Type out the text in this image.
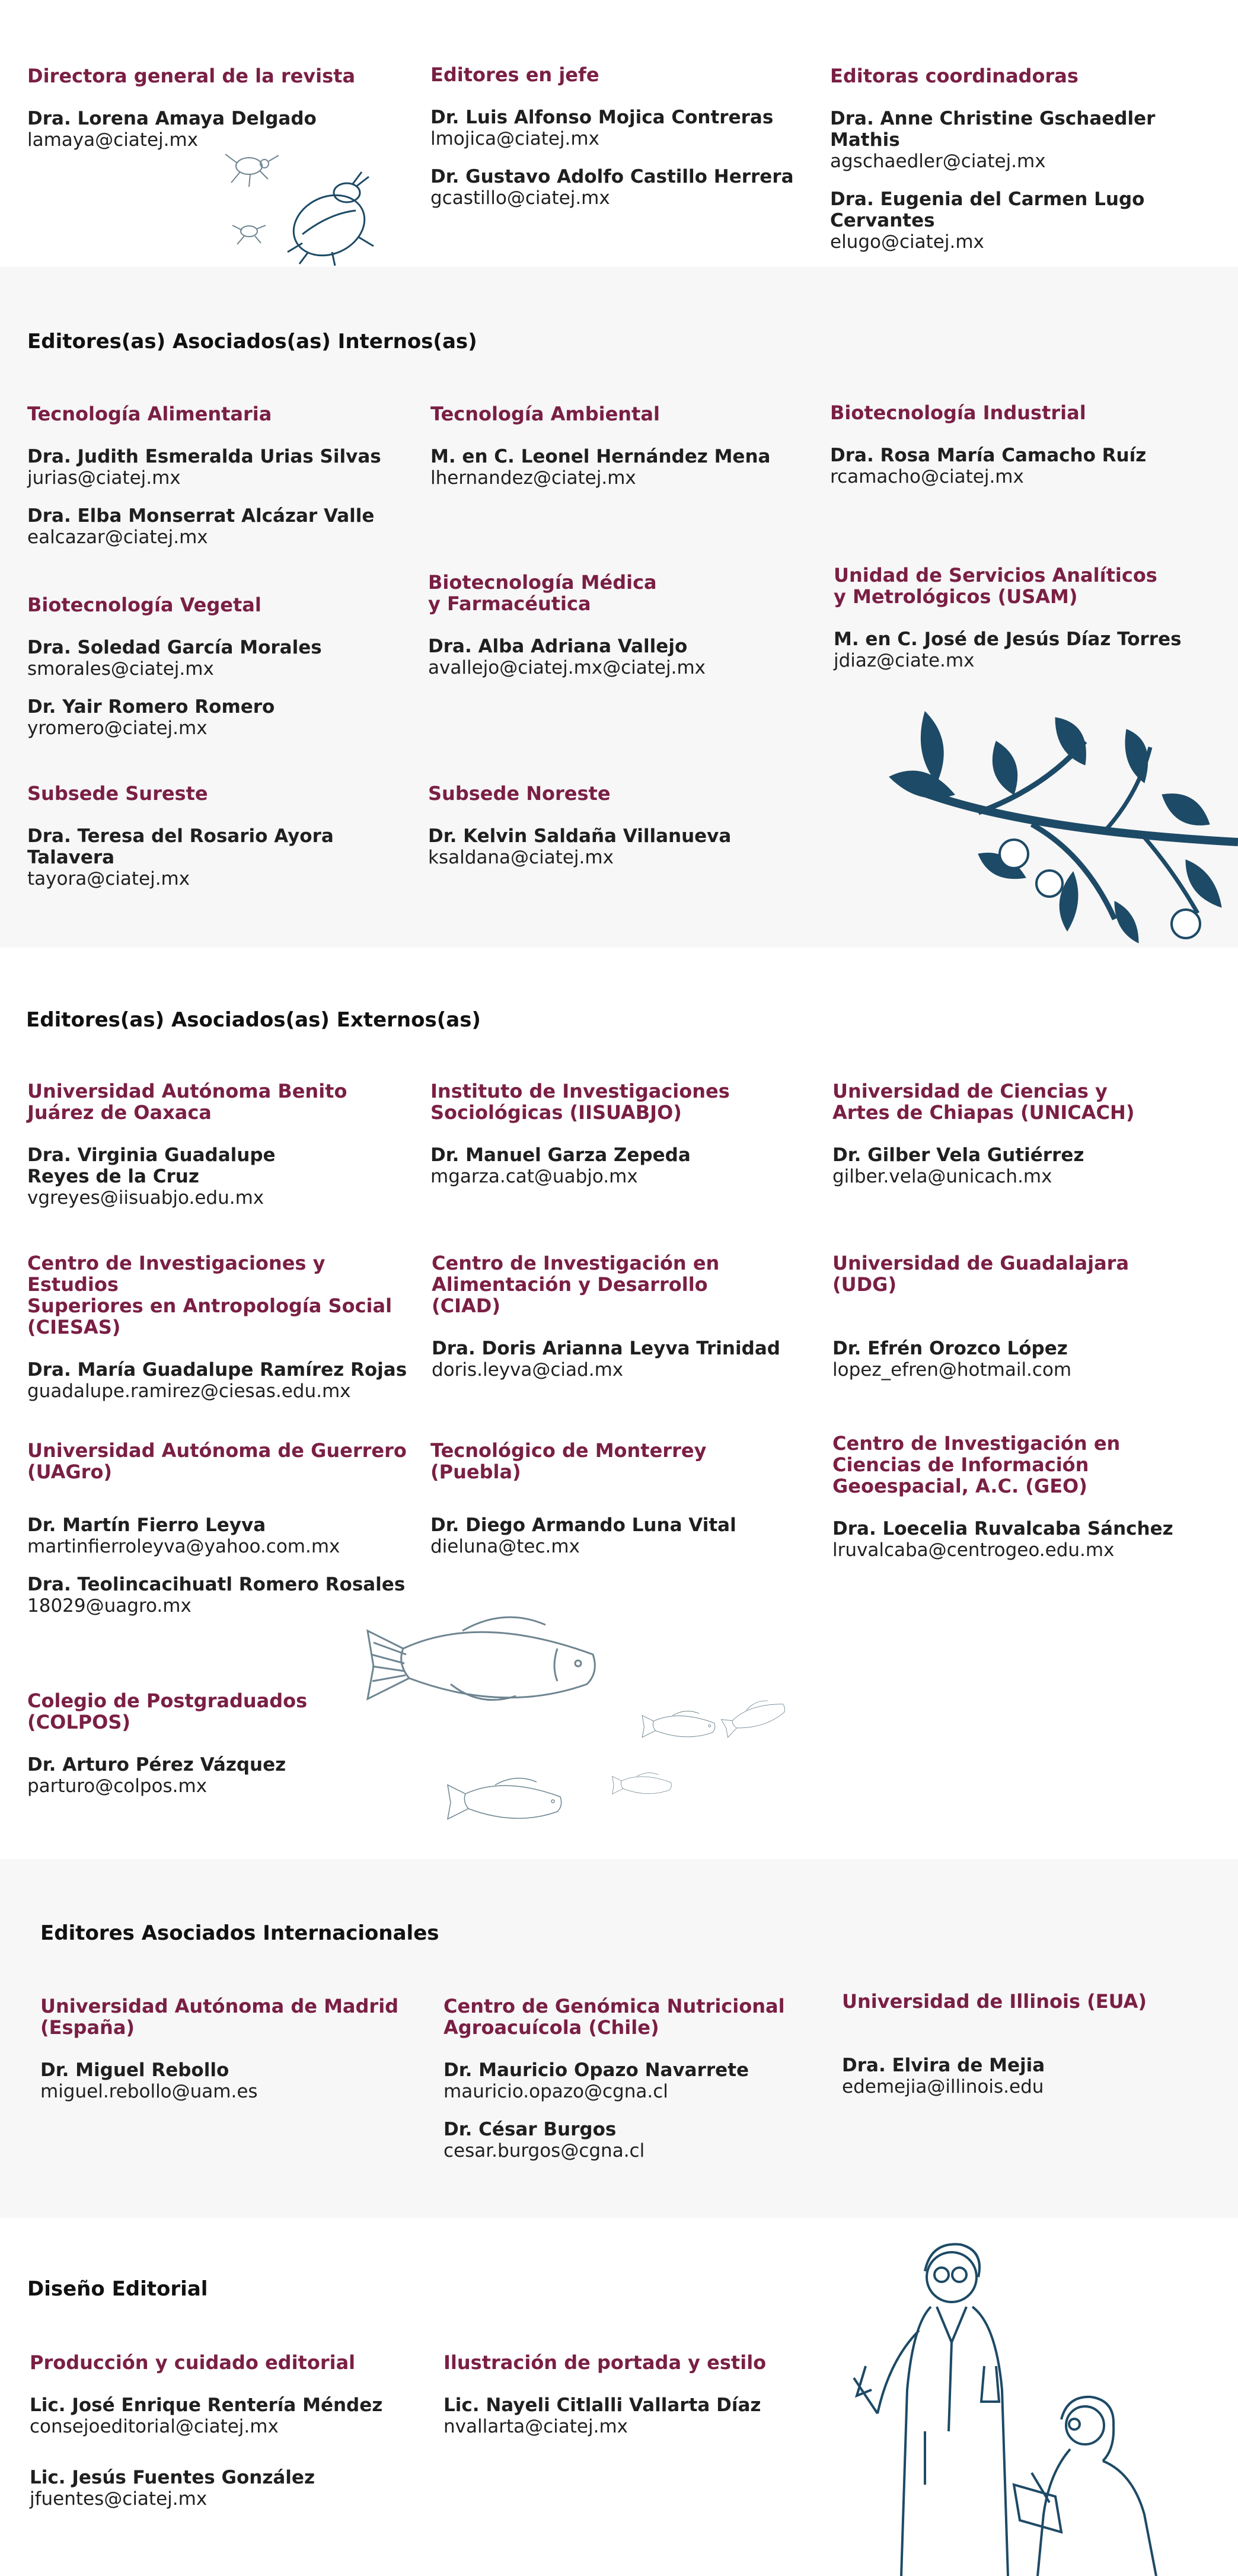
Directora general de la revista

Dra. Lorena Amaya Delgado
lamaya@ciatej.mx

Editores en jefe

Dr. Luis Alfonso Mojica Contreras
lmojica@ciatej.mx
Dr. Gustavo Adolfo Castillo Herrera
gcastillo@ciatej.mx

Editoras coordinadoras

Dra. Anne Christine Gschaedler Mathis
agschaedler@ciatej.mx
Dra. Eugenia del Carmen Lugo Cervantes
elugo@ciatej.mx

Editores(as) Asociados(as) Internos(as)

Tecnología Alimentaria

Dra. Judith Esmeralda Urias Silvas
jurias@ciatej.mx
Dra. Elba Monserrat Alcázar Valle
ealcazar@ciatej.mx

Tecnología Ambiental

M. en C. Leonel Hernández Mena
lhernandez@ciatej.mx

Biotecnología Industrial

Dra. Rosa María Camacho Ruíz
rcamacho@ciatej.mx

Biotecnología Vegetal

Dra. Soledad García Morales
smorales@ciatej.mx
Dr. Yair Romero Romero
yromero@ciatej.mx

Biotecnología Médica
y Farmacéutica

Dra. Alba Adriana Vallejo
avallejo@ciatej.mx@ciatej.mx

Unidad de Servicios Analíticos
y Metrológicos (USAM)

M. en C. José de Jesús Díaz Torres
jdiaz@ciate.mx

Subsede Sureste

Dra. Teresa del Rosario Ayora Talavera
tayora@ciatej.mx

Subsede Noreste

Dr. Kelvin Saldaña Villanueva
ksaldana@ciatej.mx

Editores(as) Asociados(as) Externos(as)

Universidad Autónoma Benito
Juárez de Oaxaca

Dra. Virginia Guadalupe
Reyes de la Cruz
vgreyes@iisuabjo.edu.mx

Instituto de Investigaciones
Sociológicas (IISUABJO)

Dr. Manuel Garza Zepeda
mgarza.cat@uabjo.mx

Universidad de Ciencias y
Artes de Chiapas (UNICACH)

Dr. Gilber Vela Gutiérrez
gilber.vela@unicach.mx

Centro de Investigaciones y Estudios
Superiores en Antropología Social
(CIESAS)

Dra. María Guadalupe Ramírez Rojas
guadalupe.ramirez@ciesas.edu.mx

Centro de Investigación en
Alimentación y Desarrollo
(CIAD)

Dra. Doris Arianna Leyva Trinidad
doris.leyva@ciad.mx

Universidad de Guadalajara
(UDG)

Dr. Efrén Orozco López
lopez_efren@hotmail.com

Universidad Autónoma de Guerrero
(UAGro)

Dr. Martín Fierro Leyva
martinfierroleyva@yahoo.com.mx
Dra. Teolincacihuatl Romero Rosales
18029@uagro.mx

Tecnológico de Monterrey
(Puebla)

Dr. Diego Armando Luna Vital
dieluna@tec.mx

Centro de Investigación en
Ciencias de Información
Geoespacial, A.C. (GEO)

Dra. Loecelia Ruvalcaba Sánchez
lruvalcaba@centrogeo.edu.mx

Colegio de Postgraduados
(COLPOS)

Dr. Arturo Pérez Vázquez
parturo@colpos.mx

Editores Asociados Internacionales

Universidad Autónoma de Madrid
(España)

Dr. Miguel Rebollo
miguel.rebollo@uam.es

Centro de Genómica Nutricional
Agroacuícola (Chile)

Dr. Mauricio Opazo Navarrete
mauricio.opazo@cgna.cl
Dr. César Burgos
cesar.burgos@cgna.cl

Universidad de Illinois (EUA)

Dra. Elvira de Mejia
edemejia@illinois.edu

Diseño Editorial

Producción y cuidado editorial

Lic. José Enrique Rentería Méndez
consejoeditorial@ciatej.mx
Lic. Jesús Fuentes González
jfuentes@ciatej.mx

Ilustración de portada y estilo

Lic. Nayeli Citlalli Vallarta Díaz
nvallarta@ciatej.mx
